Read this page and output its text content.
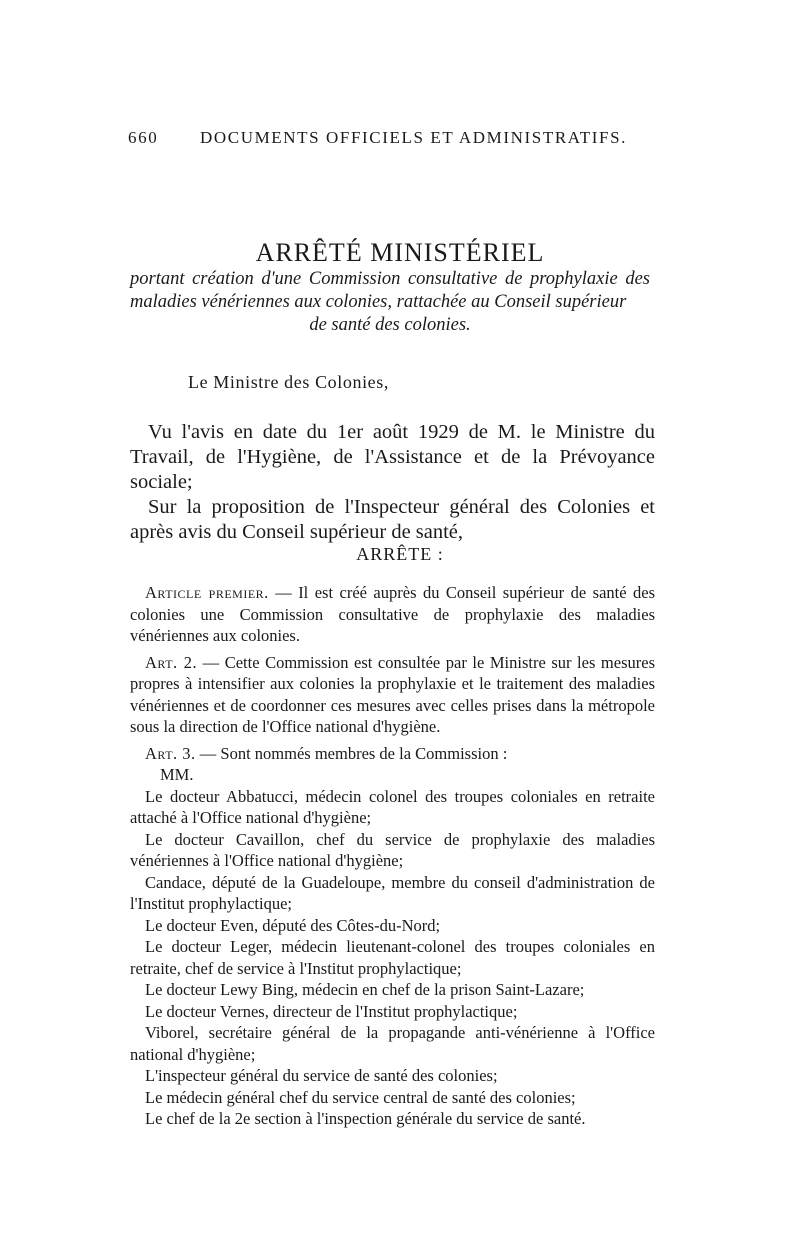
660 DOCUMENTS OFFICIELS ET ADMINISTRATIFS.
ARRÊTÉ MINISTÉRIEL
portant création d'une Commission consultative de prophylaxie des maladies vénériennes aux colonies, rattachée au Conseil supérieur
de santé des colonies.
Le Ministre des Colonies,

Vu l'avis en date du 1er août 1929 de M. le Ministre du Travail, de l'Hygiène, de l'Assistance et de la Prévoyance sociale;

Sur la proposition de l'Inspecteur général des Colonies et après avis du Conseil supérieur de santé,

ARRÊTE :

Article premier. — Il est créé auprès du Conseil supérieur de santé des colonies une Commission consultative de prophylaxie des maladies vénériennes aux colonies.

Art. 2. — Cette Commission est consultée par le Ministre sur les mesures propres à intensifier aux colonies la prophylaxie et le traitement des maladies vénériennes et de coordonner ces mesures avec celles prises dans la métropole sous la direction de l'Office national d'hygiène.

Art. 3. — Sont nommés membres de la Commission :

MM.

Le docteur Abbatucci, médecin colonel des troupes coloniales en retraite attaché à l'Office national d'hygiène;

Le docteur Cavaillon, chef du service de prophylaxie des maladies vénériennes à l'Office national d'hygiène;

Candace, député de la Guadeloupe, membre du conseil d'administration de l'Institut prophylactique;

Le docteur Even, député des Côtes-du-Nord;

Le docteur Leger, médecin lieutenant-colonel des troupes coloniales en retraite, chef de service à l'Institut prophylactique;

Le docteur Lewy Bing, médecin en chef de la prison Saint-Lazare;

Le docteur Vernes, directeur de l'Institut prophylactique;

Viborel, secrétaire général de la propagande anti-vénérienne à l'Office national d'hygiène;

L'inspecteur général du service de santé des colonies;

Le médecin général chef du service central de santé des colonies;

Le chef de la 2e section à l'inspection générale du service de santé.
